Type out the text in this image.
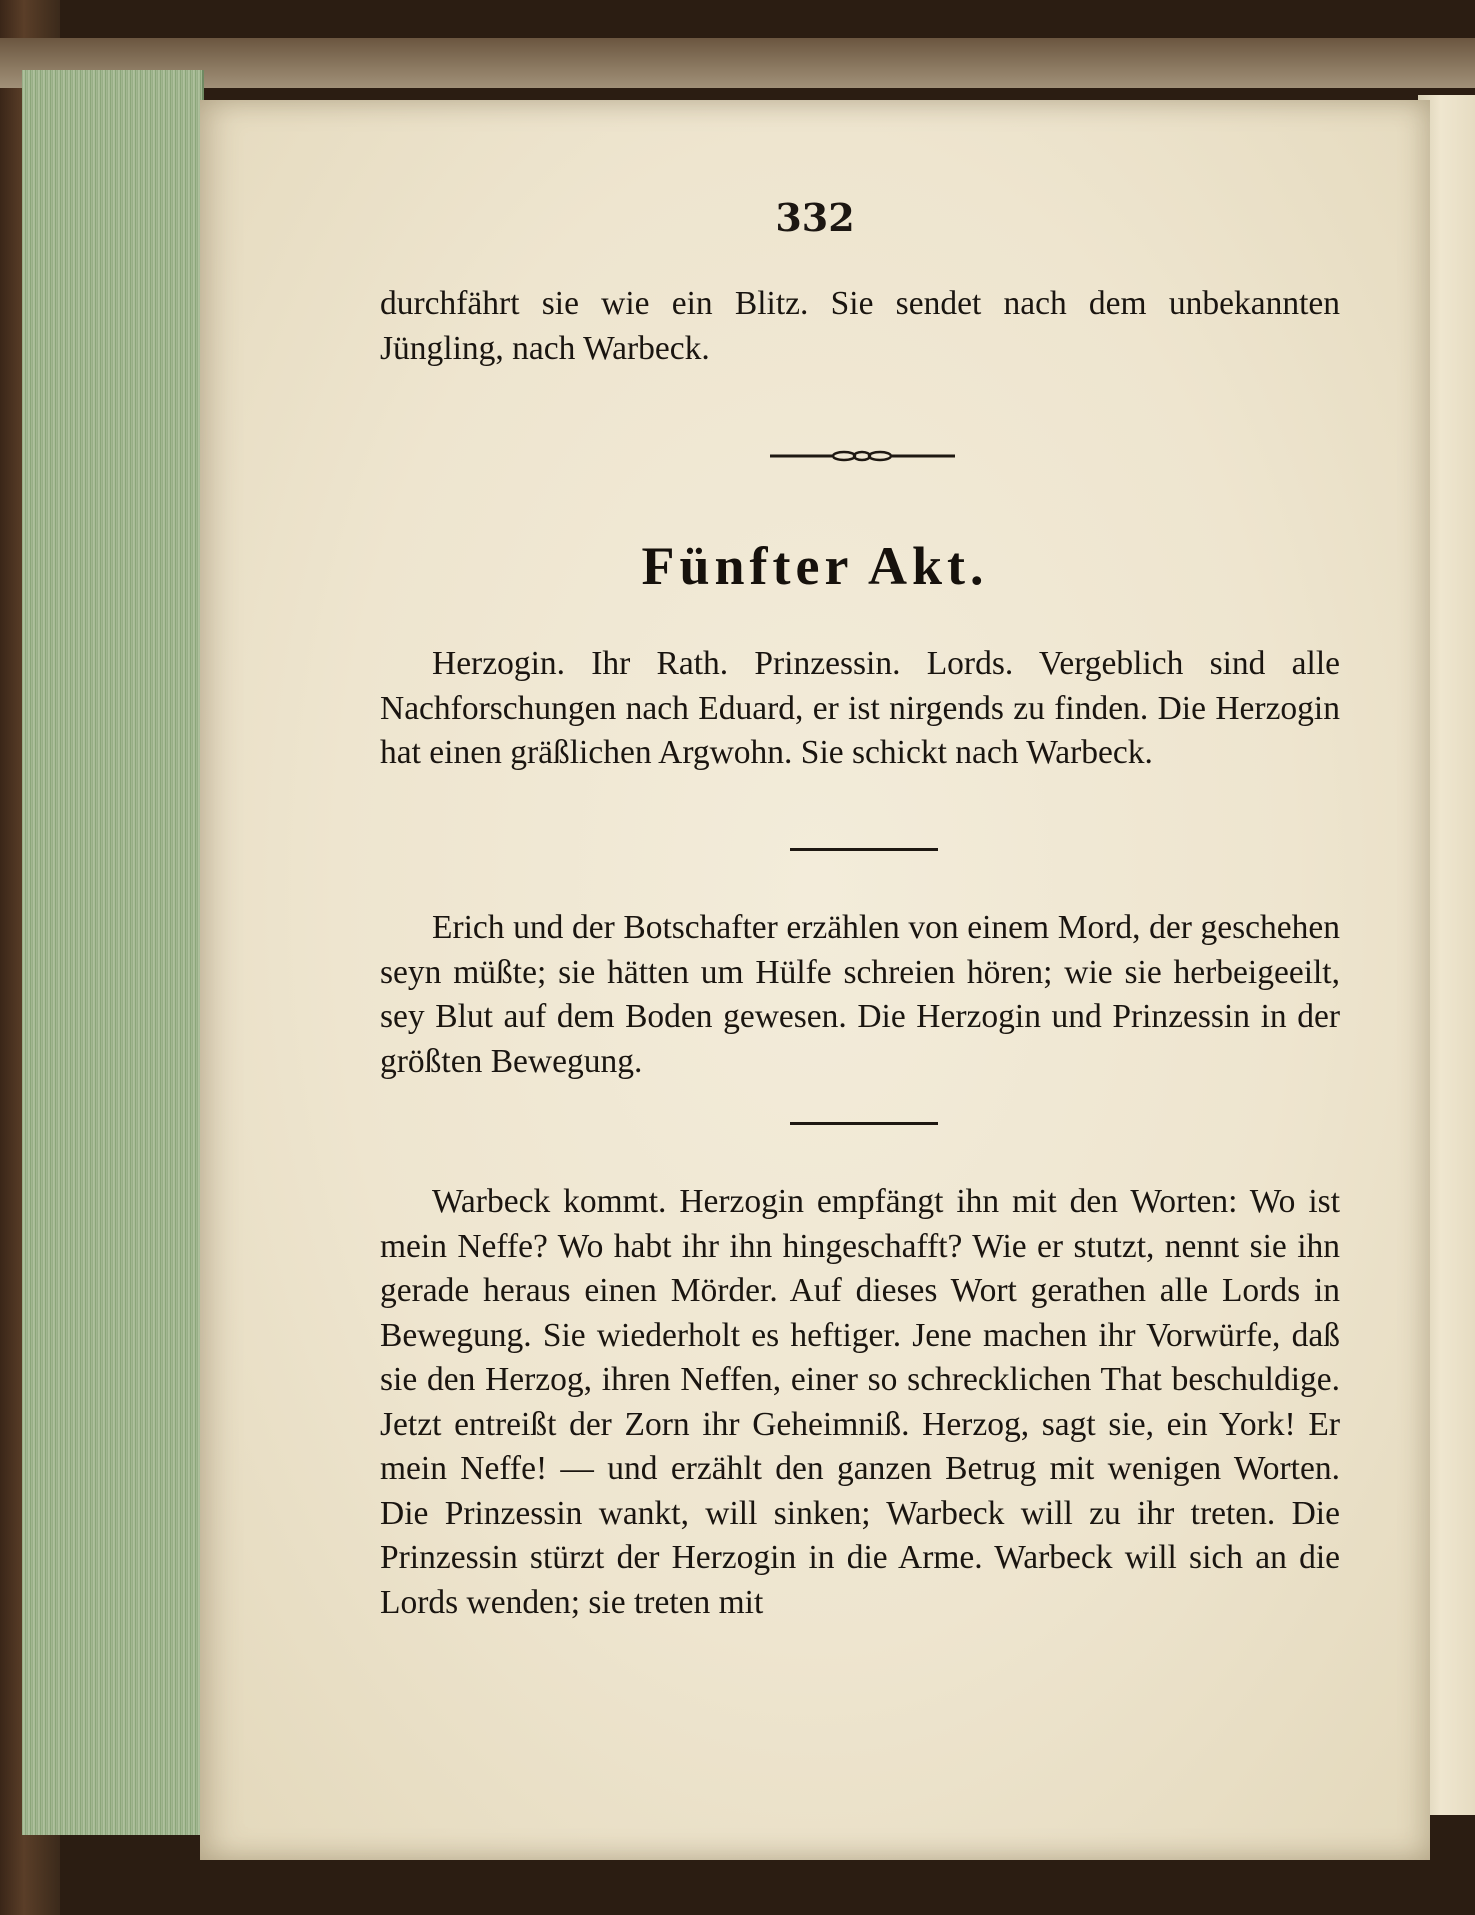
332

durchfährt sie wie ein Blitz. Sie sendet nach dem unbekannten Jüngling, nach Warbeck.

Fünfter Akt.

Herzogin. Ihr Rath. Prinzessin. Lords. Vergeblich sind alle Nachforschungen nach Eduard, er ist nirgends zu finden. Die Herzogin hat einen gräßlichen Argwohn. Sie schickt nach Warbeck.

Erich und der Botschafter erzählen von einem Mord, der geschehen seyn müßte; sie hätten um Hülfe schreien hören; wie sie herbeigeeilt, sey Blut auf dem Boden gewesen. Die Herzogin und Prinzessin in der größten Bewegung.

Warbeck kommt. Herzogin empfängt ihn mit den Worten: Wo ist mein Neffe? Wo habt ihr ihn hingeschafft? Wie er stutzt, nennt sie ihn gerade heraus einen Mörder. Auf dieses Wort gerathen alle Lords in Bewegung. Sie wiederholt es heftiger. Jene machen ihr Vorwürfe, daß sie den Herzog, ihren Neffen, einer so schrecklichen That beschuldige. Jetzt entreißt der Zorn ihr Geheimniß. Herzog, sagt sie, ein York! Er mein Neffe! — und erzählt den ganzen Betrug mit wenigen Worten. Die Prinzessin wankt, will sinken; Warbeck will zu ihr treten. Die Prinzessin stürzt der Herzogin in die Arme. Warbeck will sich an die Lords wenden; sie treten mit
